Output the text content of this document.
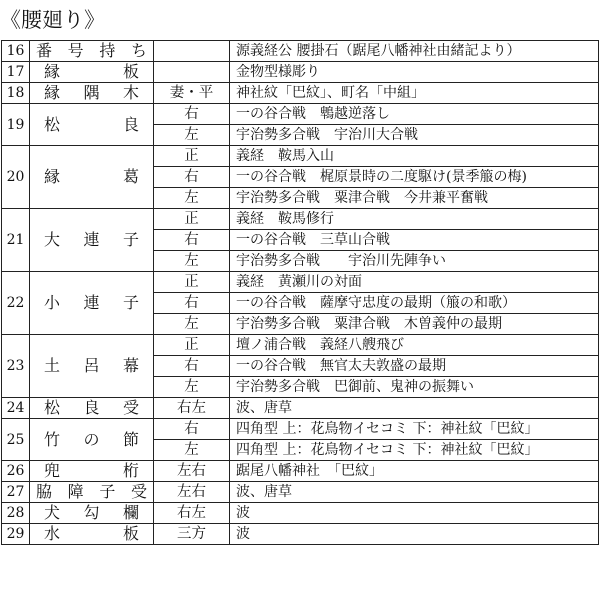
《腰廻り》
16	番 号 持 ち		源義経公 腰掛石（踞尾八幡神社由緒記より）
17	縁 板		金物型様彫り
18	縁 隅 木	妻・平	神社紋「巴紋」、町名「中組」
19	松 良	右	一の谷合戦　鵯越逆落し
		左	宇治勢多合戦　宇治川大合戦
20	縁 葛	正	義経　鞍馬入山
		右	一の谷合戦　梶原景時の二度駆け(景季箙の梅)
		左	宇治勢多合戦　粟津合戦　今井兼平奮戦
21	大 連 子	正	義経　鞍馬修行
		右	一の谷合戦　三草山合戦
		左	宇治勢多合戦　　宇治川先陣争い
22	小 連 子	正	義経　黄瀬川の対面
		右	一の谷合戦　薩摩守忠度の最期（箙の和歌）
		左	宇治勢多合戦　粟津合戦　木曽義仲の最期
23	土 呂 幕	正	壇ノ浦合戦　義経八艘飛び
		右	一の谷合戦　無官太夫敦盛の最期
		左	宇治勢多合戦　巴御前、鬼神の振舞い
24	松 良 受	右左	波、唐草
25	竹 の 節	右	四角型 上：花鳥物イセコミ 下：神社紋「巴紋」
		左	四角型 上：花鳥物イセコミ 下：神社紋「巴紋」
26	兜 桁	左右	踞尾八幡神社　「巴紋」
27	脇 障 子 受	左右	波、唐草
28	犬 勾 欄	右左	波
29	水 板	三方	波
